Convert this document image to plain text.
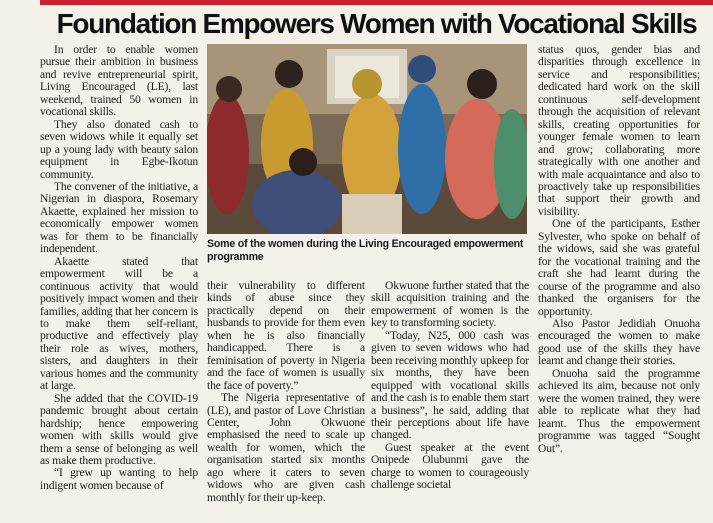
Foundation Empowers Women with Vocational Skills

In order to enable women pursue their ambition in business and revive entrepreneurial spirit, Living Encouraged (LE), last weekend, trained 50 women in vocational skills.

They also donated cash to seven widows while it equally set up a young lady with beauty salon equipment in Egbe-Ikotun community.

The convener of the initiative, a Nigerian in diaspora, Rosemary Akaette, explained her mission to economically empower women was for them to be financially independent.

Akaette stated that empowerment will be a continuous activity that would positively impact women and their families, adding that her concern is to make them self-reliant, productive and effectively play their role as wives, mothers, sisters, and daughters in their various homes and the community at large.

She added that the COVID-19 pandemic brought about certain hardship; hence empowering women with skills would give them a sense of belonging as well as make them productive.

“I grew up wanting to help indigent women because of

Some of the women during the Living Encouraged empowerment programme

their vulnerability to different kinds of abuse since they practically depend on their husbands to provide for them even when he is also financially handicapped. There is a feminisation of poverty in Nigeria and the face of women is usually the face of poverty.”

The Nigeria representative of (LE), and pastor of Love Christian Center, John Okwuone emphasised the need to scale up wealth for women, which the organisation started six months ago where it caters to seven widows who are given cash monthly for their up-keep.

Okwuone further stated that the skill acquisition training and the empowerment of women is the key to transforming society.

“Today, N25, 000 cash was given to seven widows who had been receiving monthly upkeep for six months, they have been equipped with vocational skills and the cash is to enable them start a business”, he said, adding that their perceptions about life have changed.

Guest speaker at the event Onipede Olubunmi gave the charge to women to courageously challenge societal

status quos, gender bias and disparities through excellence in service and responsibilities; dedicated hard work on the skill continuous self-development through the acquisition of relevant skills, creating opportunities for younger female women to learn and grow; collaborating more strategically with one another and with male acquaintance and also to proactively take up responsibilities that support their growth and visibility.

One of the participants, Esther Sylvester, who spoke on behalf of the widows, said she was grateful for the vocational training and the craft she had learnt during the course of the programme and also thanked the organisers for the opportunity.

Also Pastor Jedidiah Onuoha encouraged the women to make good use of the skills they have learnt and change their stories.

Onuoha said the programme achieved its aim, because not only were the women trained, they were able to replicate what they had learnt. Thus the empowerment programme was tagged “Sought Out”.
